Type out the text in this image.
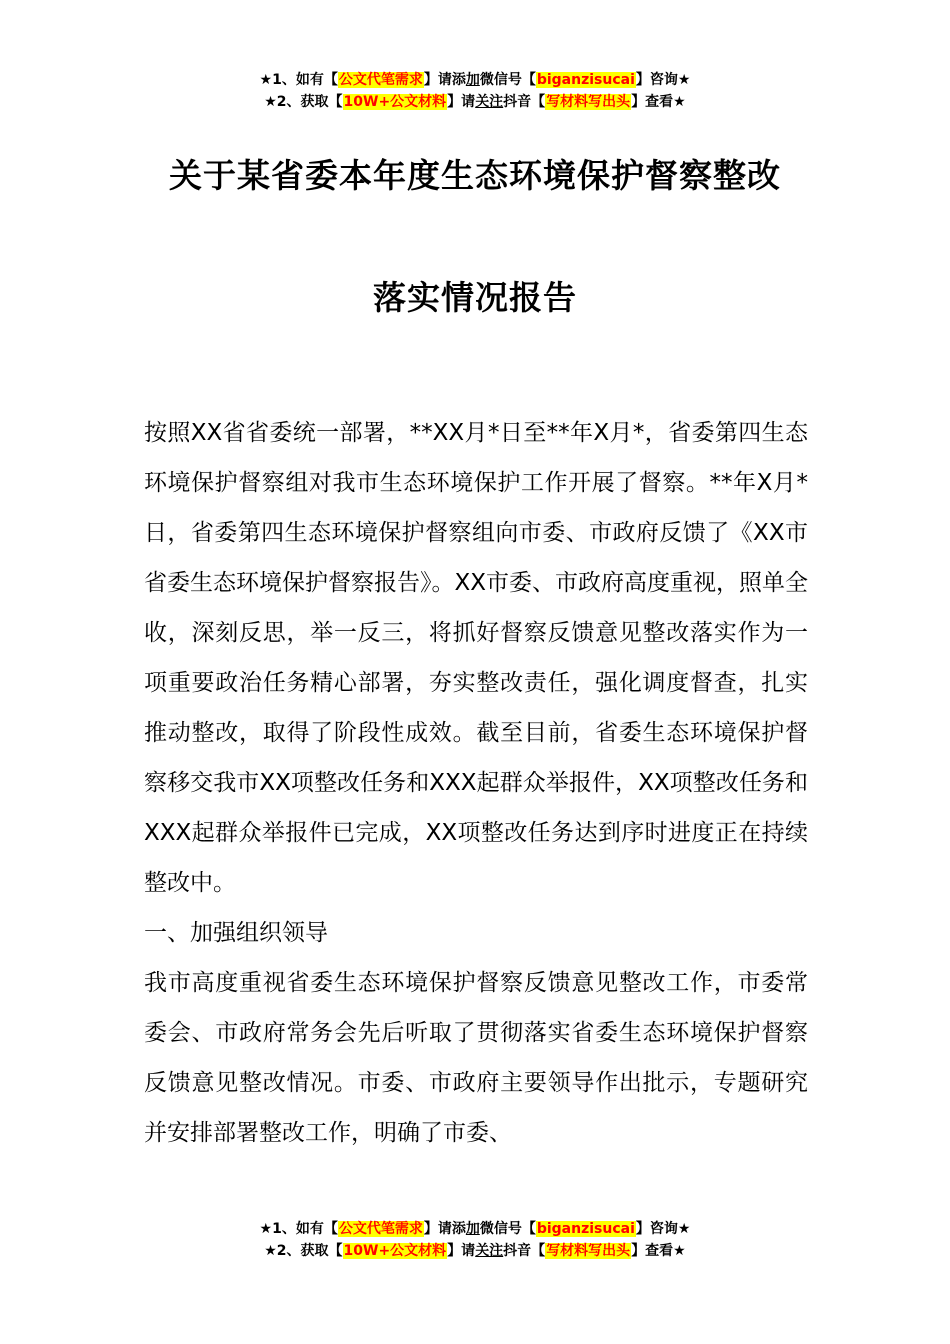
★1、如有【公文代笔需求】请添加微信号【biganzisucai】咨询★
★2、获取【10W+公文材料】请关注抖音【写材料写出头】查看★
关于某省委本年度生态环境保护督察整改
落实情况报告

按照XX省省委统一部署，**XX月*日至**年X月*，省委第四生态环境保护督察组对我市生态环境保护工作开展了督察。**年X月*日，省委第四生态环境保护督察组向市委、市政府反馈了《XX市省委生态环境保护督察报告》。XX市委、市政府高度重视，照单全收，深刻反思，举一反三，将抓好督察反馈意见整改落实作为一项重要政治任务精心部署，夯实整改责任，强化调度督查，扎实推动整改，取得了阶段性成效。截至目前，省委生态环境保护督察移交我市XX项整改任务和XXX起群众举报件，XX项整改任务和XXX起群众举报件已完成，XX项整改任务达到序时进度正在持续整改中。

一、加强组织领导

我市高度重视省委生态环境保护督察反馈意见整改工作，市委常委会、市政府常务会先后听取了贯彻落实省委生态环境保护督察反馈意见整改情况。市委、市政府主要领导作出批示，专题研究并安排部署整改工作，明确了市委、

★1、如有【公文代笔需求】请添加微信号【biganzisucai】咨询★
★2、获取【10W+公文材料】请关注抖音【写材料写出头】查看★
